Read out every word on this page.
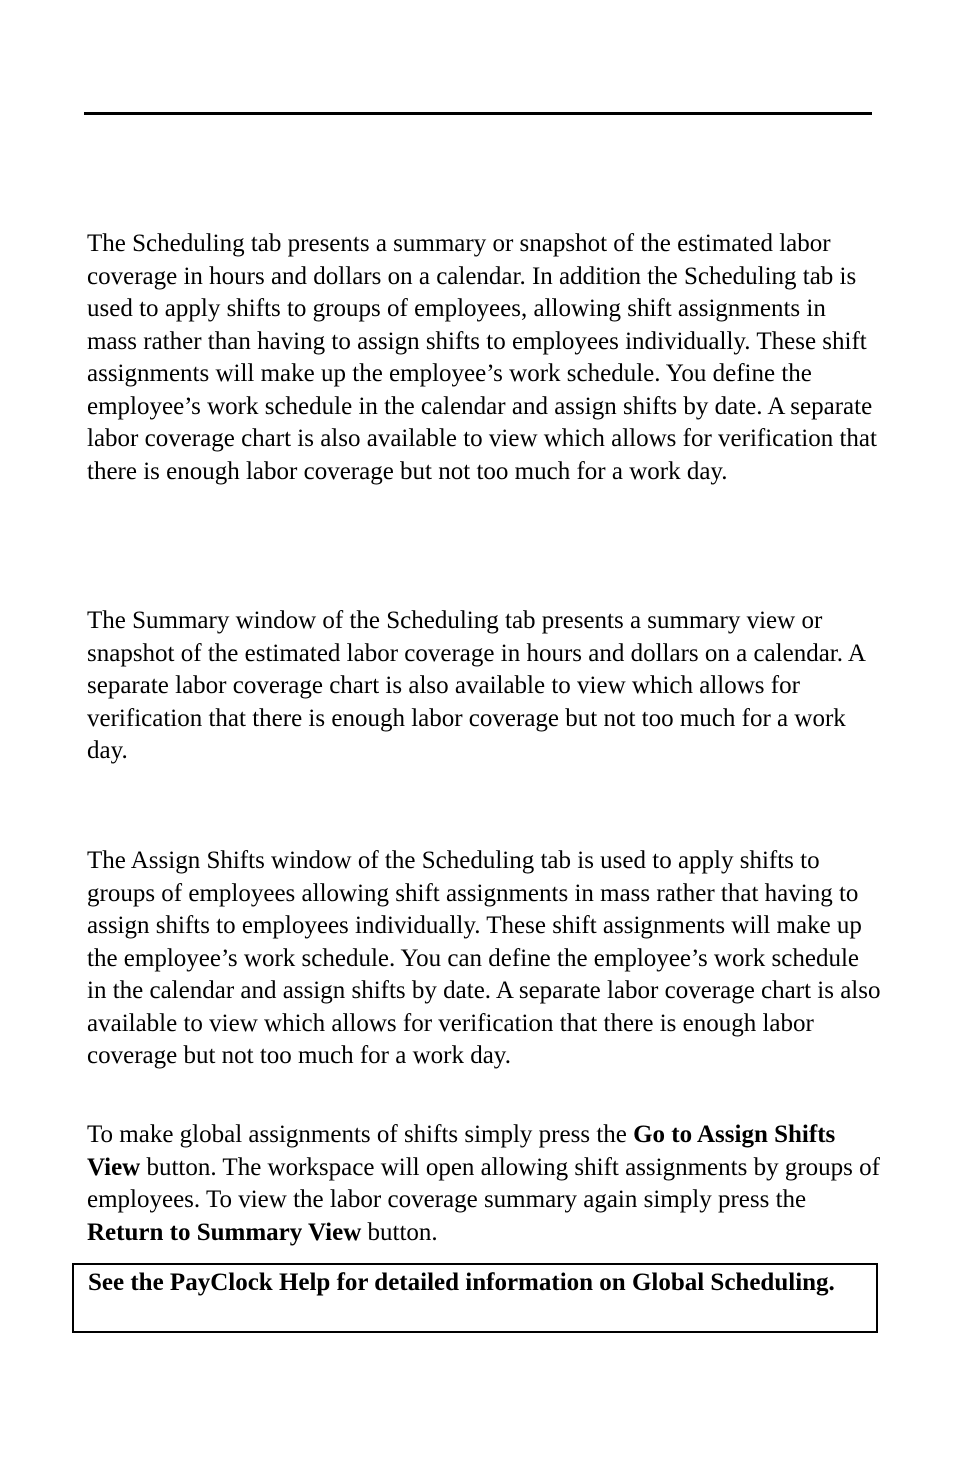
The Scheduling tab presents a summary or snapshot of the estimated labor coverage in hours and dollars on a calendar. In addition the Scheduling tab is used to apply shifts to groups of employees, allowing shift assignments in mass rather than having to assign shifts to employees individually. These shift assignments will make up the employee’s work schedule. You define the employee’s work schedule in the calendar and assign shifts by date. A separate labor coverage chart is also available to view which allows for verification that there is enough labor coverage but not too much for a work day.

The Summary window of the Scheduling tab presents a summary view or snapshot of the estimated labor coverage in hours and dollars on a calendar. A separate labor coverage chart is also available to view which allows for verification that there is enough labor coverage but not too much for a work day.

The Assign Shifts window of the Scheduling tab is used to apply shifts to groups of employees allowing shift assignments in mass rather that having to assign shifts to employees individually. These shift assignments will make up the employee’s work schedule. You can define the employee’s work schedule in the calendar and assign shifts by date. A separate labor coverage chart is also available to view which allows for verification that there is enough labor coverage but not too much for a work day.

To make global assignments of shifts simply press the Go to Assign Shifts View button. The workspace will open allowing shift assignments by groups of employees. To view the labor coverage summary again simply press the Return to Summary View button.

See the PayClock Help for detailed information on Global Scheduling.
